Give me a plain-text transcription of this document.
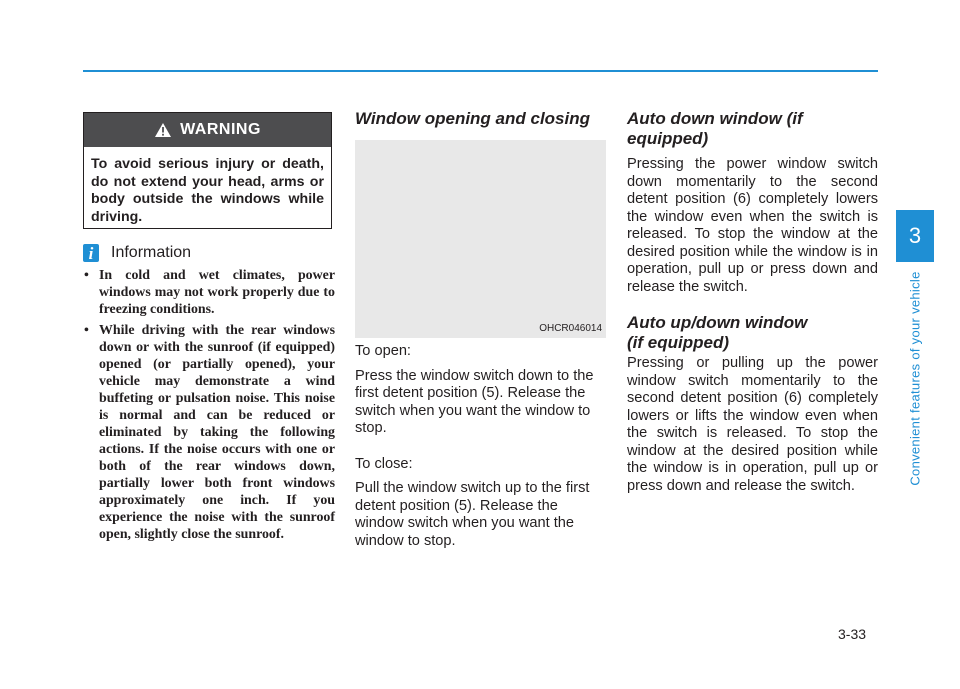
WARNING
To avoid serious injury or death, do not extend your head, arms or body outside the windows while driving.
i	Information
• In cold and wet climates, power windows may not work properly due to freezing conditions.
• While driving with the rear windows down or with the sunroof (if equipped) opened (or partially opened), your vehicle may demonstrate a wind buffeting or pulsation noise. This noise is normal and can be reduced or eliminated by taking the following actions. If the noise occurs with one or both of the rear windows down, partially lower both front windows approximately one inch. If you experience the noise with the sunroof open, slightly close the sunroof.
Window opening and closing
OHCR046014

To open:

Press the window switch down to the first detent position (5). Release the switch when you want the window to stop.

To close:

Pull the window switch up to the first detent position (5). Release the window switch when you want the window to stop.

Auto down window (if equipped)

Pressing the power window switch down momentarily to the second detent position (6) completely lowers the window even when the switch is released. To stop the window at the desired position while the window is in operation, pull up or press down and release the switch.

Auto up/down window
(if equipped)

Pressing or pulling up the power window switch momentarily to the second detent position (6) completely lowers or lifts the window even when the switch is released. To stop the window at the desired position while the window is in operation, pull up or press down and release the switch.

3
Convenient features of your vehicle
3-33
